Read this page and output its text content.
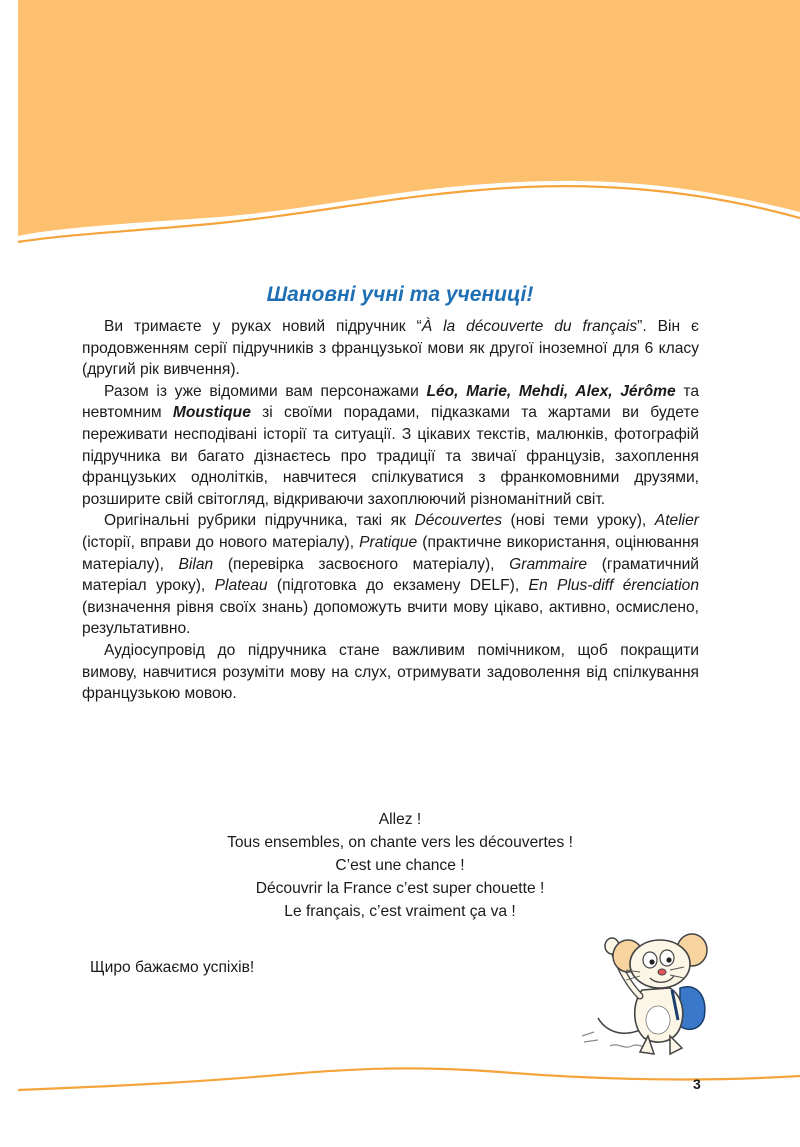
Шановні учні та учениці!

Ви тримаєте у руках новий підручник “À la découverte du français”. Він є продовженням серії підручників з французької мови як другої іноземної для 6 класу (другий рік вивчення).

Разом із уже відомими вам персонажами Léo, Marie, Mehdi, Alex, Jérôme та невтомним Moustique зі своїми порадами, підказками та жартами ви будете переживати несподівані історії та ситуації. З цікавих текстів, малюнків, фотографій підручника ви багато дізнаєтесь про традиції та звичаї французів, захоплення французьких однолітків, навчитеся спілкуватися з франкомовними друзями, розширите свій світогляд, відкриваючи захоплюючий різноманітний світ.

Оригінальні рубрики підручника, такі як Découvertes (нові теми уроку), Atelier (історії, вправи до нового матеріалу), Pratique (практичне використання, оцінювання матеріалу), Bilan (перевірка засвоєного матеріалу), Grammaire (граматичний матеріал уроку), Plateau (підготовка до екзамену DELF), En Plus-diff érenciation (визначення рівня своїх знань) допоможуть вчити мову цікаво, активно, осмислено, результативно.

Аудіосупровід до підручника стане важливим помічником, щоб покращити вимову, навчитися розуміти мову на слух, отримувати задоволення від спілкування французькою мовою.

Allez !
Tous ensembles, on chante vers les découvertes !
C’est une chance !
Découvrir la France c’est super chouette !
Le français, c’est vraiment ça va !
Щиро бажаємо успіхів!
3
